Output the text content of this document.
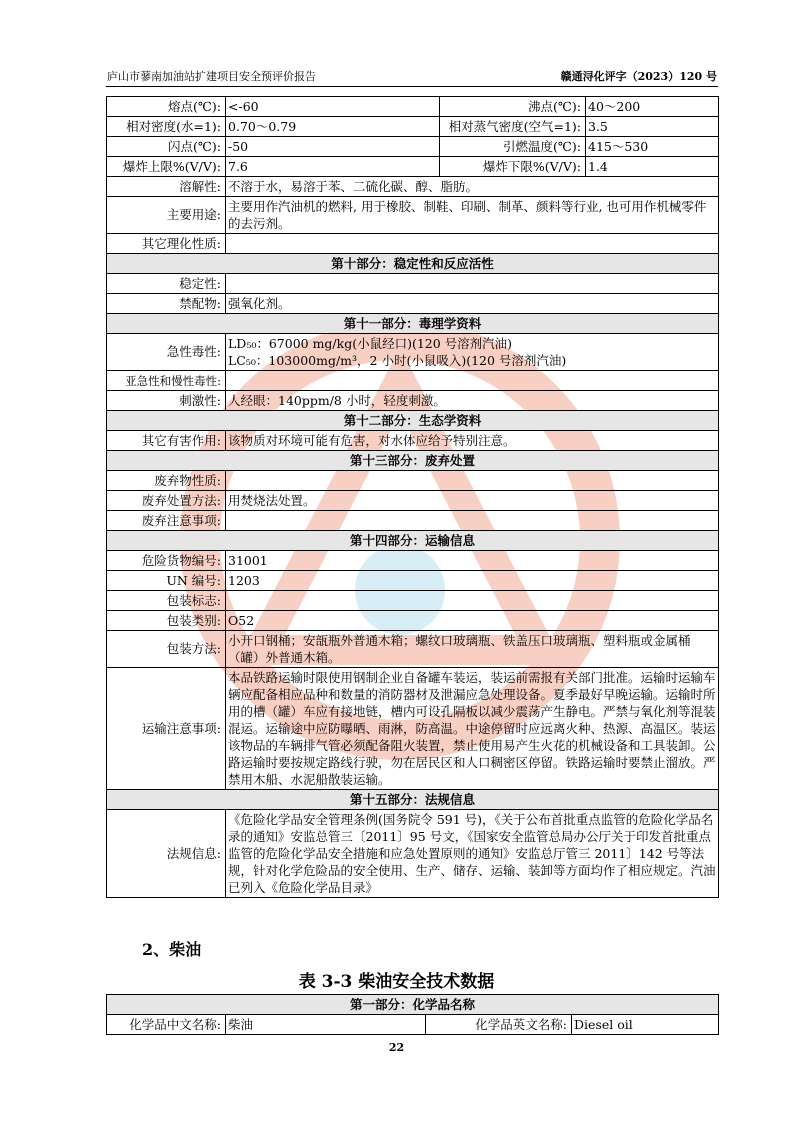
庐山市蓼南加油站扩建项目安全预评价报告	赣通浔化评字（2023）120 号
熔点(℃):	<-60	沸点(℃):	40～200
相对密度(水=1):	0.70～0.79	相对蒸气密度(空气=1):	3.5
闪点(℃):	-50	引燃温度(℃):	415～530
爆炸上限%(V/V):	7.6	爆炸下限%(V/V):	1.4
溶解性:	不溶于水，易溶于苯、二硫化碳、醇、脂肪。		
主要用途:	主要用作汽油机的燃料, 用于橡胶、制鞋、印刷、制革、颜料等行业, 也可用作机械零件的去污剂。		
其它理化性质:			
第十部分：稳定性和反应活性			
稳定性:			
禁配物:	强氧化剂。		
第十一部分：毒理学资料			
急性毒性:	LD₅₀：67000 mg/kg(小鼠经口)(120 号溶剂汽油)
LC₅₀：103000mg/m³，2 小时(小鼠吸入)(120 号溶剂汽油)		

亚急性和慢性毒性:			
刺激性:	人经眼：140ppm/8 小时，轻度刺激。		
第十二部分：生态学资料			
其它有害作用:	该物质对环境可能有危害，对水体应给予特别注意。		
第十三部分：废弃处置			
废弃物性质:			
废弃处置方法:	用焚烧法处置。		
废弃注意事项:			
第十四部分：运输信息			
危险货物编号:	31001		
UN 编号:	1203		
包装标志:			
包装类别:	O52		
包装方法:	小开口钢桶；安瓿瓶外普通木箱；螺纹口玻璃瓶、铁盖压口玻璃瓶、塑料瓶或金属桶（罐）外普通木箱。		
运输注意事项:	本品铁路运输时限使用钢制企业自备罐车装运，装运前需报有关部门批准。运输时运输车辆应配备相应品种和数量的消防器材及泄漏应急处理设备。夏季最好早晚运输。运输时所用的槽（罐）车应有接地链，槽内可设孔隔板以减少震荡产生静电。严禁与氧化剂等混装混运。运输途中应防曝晒、雨淋，防高温。中途停留时应远离火种、热源、高温区。装运该物品的车辆排气管必须配备阻火装置，禁止使用易产生火花的机械设备和工具装卸。公路运输时要按规定路线行驶，勿在居民区和人口稠密区停留。铁路运输时要禁止溜放。严禁用木船、水泥船散装运输。		
第十五部分：法规信息			
法规信息:	《危险化学品安全管理条例(国务院令 591 号)，《关于公布首批重点监管的危险化学品名录的通知》安监总管三〔2011〕95 号文，《国家安全监管总局办公厅关于印发首批重点监管的危险化学品安全措施和应急处置原则的通知》安监总厅管三 2011〕142 号等法规，针对化学危险品的安全使用、生产、储存、运输、装卸等方面均作了相应规定。汽油已列入《危险化学品目录》		
2、柴油
表 3-3 柴油安全技术数据
第一部分：化学品名称
化学品中文名称:	柴油	化学品英文名称:	Diesel oil
22
